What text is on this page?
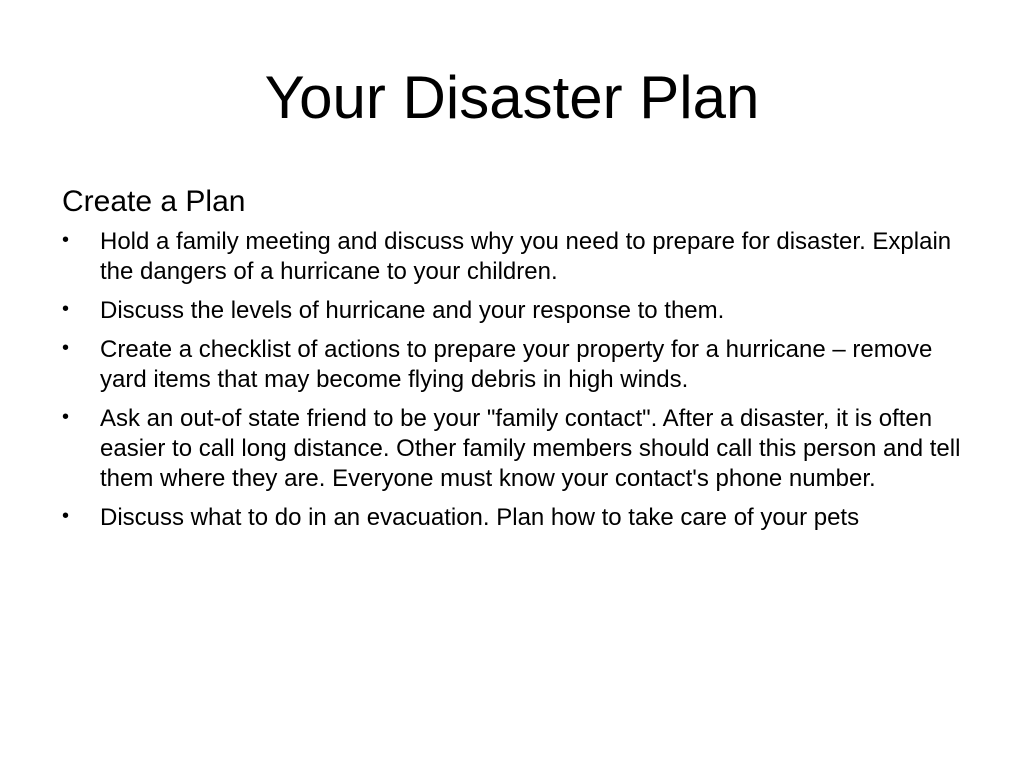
Your Disaster Plan
Create a Plan
• Hold a family meeting and discuss why you need to prepare for disaster. Explain the dangers of a hurricane to your children.
• Discuss the levels of hurricane and your response to them.
• Create a checklist of actions to prepare your property for a hurricane – remove yard items that may become flying debris in high winds.
• Ask an out-of state friend to be your "family contact". After a disaster, it is often easier to call long distance. Other family members should call this person and tell them where they are. Everyone must know your contact's phone number.
• Discuss what to do in an evacuation. Plan how to take care of your pets
